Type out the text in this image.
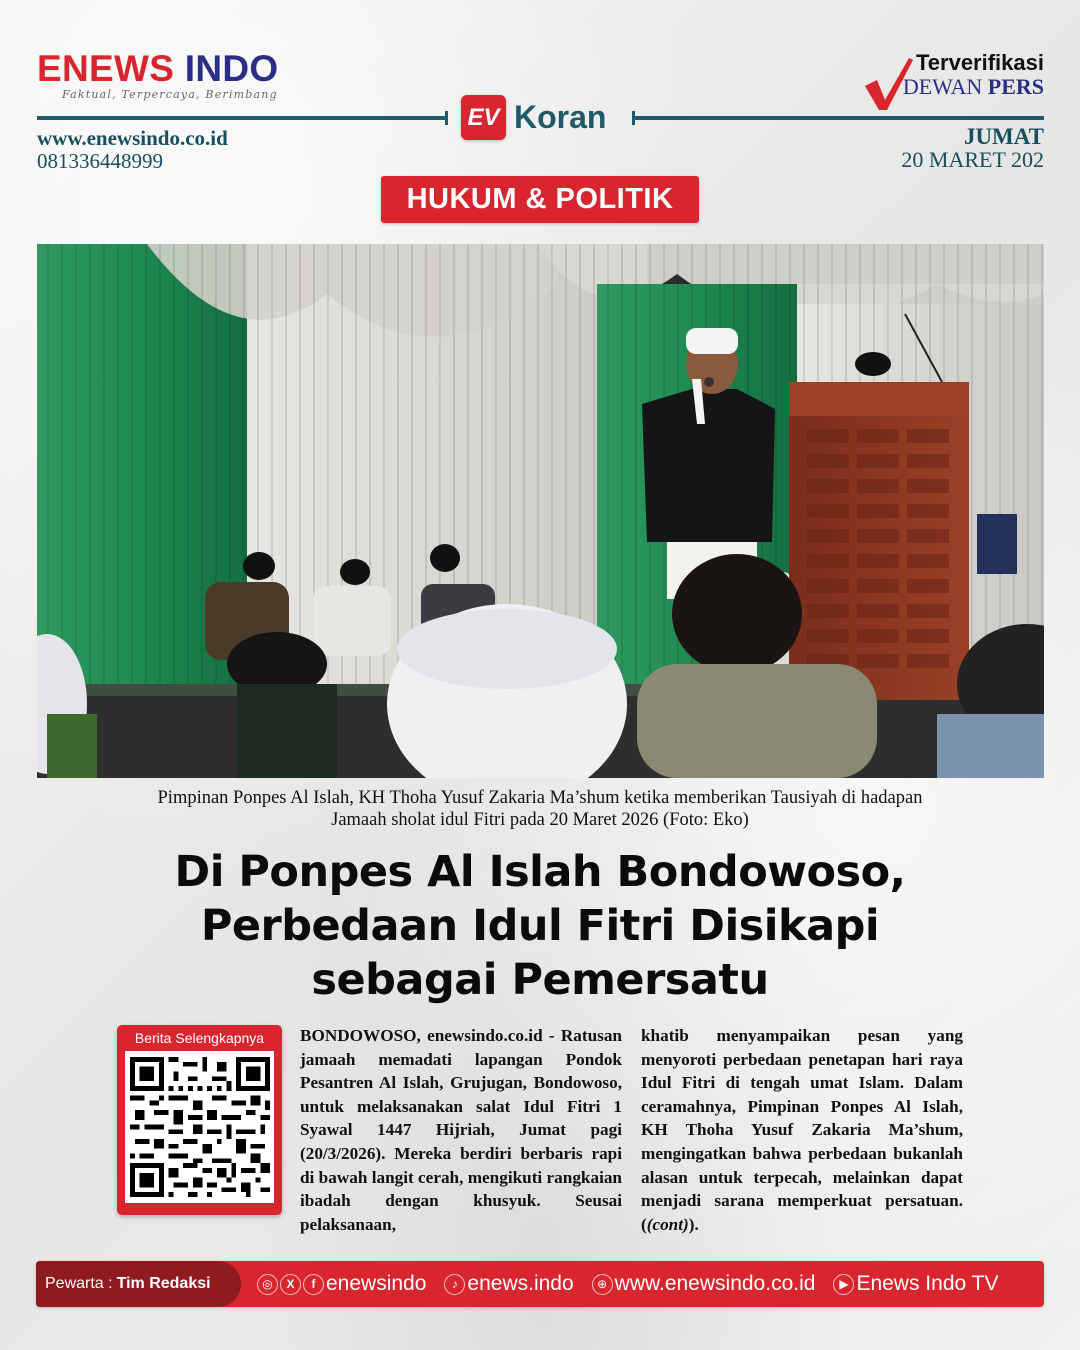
ENEWS INDO
Faktual, Terpercaya, Berimbang
www.enewsindo.co.id
081336448999
EV Koran
Terverifikasi
DEWAN PERS
JUMAT
20 MARET 202
HUKUM & POLITIK
Pimpinan Ponpes Al Islah, KH Thoha Yusuf Zakaria Ma’shum ketika memberikan Tausiyah di hadapan
Jamaah sholat idul Fitri pada 20 Maret 2026 (Foto: Eko)
Di Ponpes Al Islah Bondowoso,
Perbedaan Idul Fitri Disikapi
sebagai Pemersatu
Berita Selengkapnya	BONDOWOSO, enewsindo.co.id - Ratusan jamaah memadati lapangan Pondok Pesantren Al Islah, Grujugan, Bondowoso, untuk melaksanakan salat Idul Fitri 1 Syawal 1447 Hijriah, Jumat pagi (20/3/2026). Mereka berdiri berbaris rapi di bawah langit cerah, mengikuti rangkaian ibadah dengan khusyuk. Seusai pelaksanaan,

khatib menyampaikan pesan yang menyoroti perbedaan penetapan hari raya Idul Fitri di tengah umat Islam. Dalam ceramahnya, Pimpinan Ponpes Al Islah, KH Thoha Yusuf Zakaria Ma’shum, mengingatkan bahwa perbedaan bukanlah alasan untuk terpecah, melainkan dapat menjadi sarana memperkuat persatuan. ((cont)).

Pewarta : Tim Redaksi	◎	X	f enewsindo	♪ enews.indo	⊕ www.enewsindo.co.id	▶ Enews Indo TV
